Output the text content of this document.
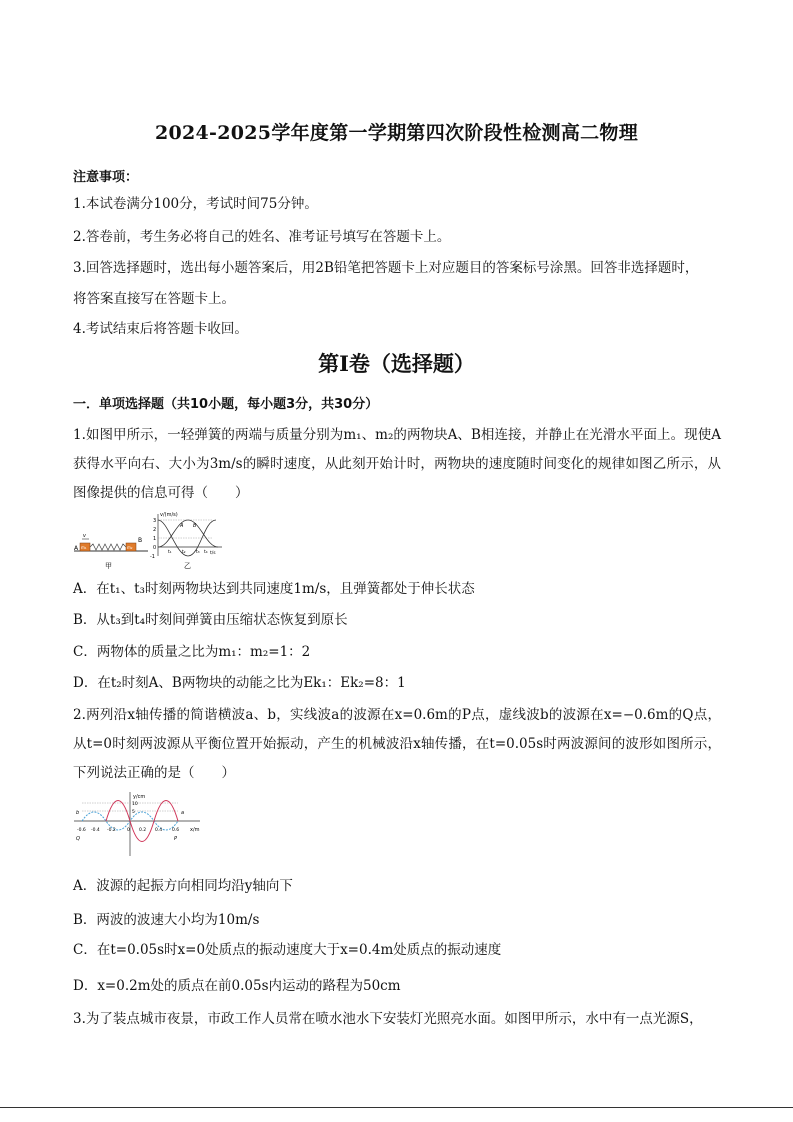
2024-2025学年度第一学期第四次阶段性检测高二物理
注意事项：
1.本试卷满分100分，考试时间75分钟。
2.答卷前，考生务必将自己的姓名、准考证号填写在答题卡上。
3.回答选择题时，选出每小题答案后，用2B铅笔把答题卡上对应题目的答案标号涂黑。回答非选择题时，
将答案直接写在答题卡上。
4.考试结束后将答题卡收回。
第Ⅰ卷（选择题）
一．单项选择题（共10小题，每小题3分，共30分）
1.如图甲所示，一轻弹簧的两端与质量分别为m₁、m₂的两物块A、B相连接，并静止在光滑水平面上。现使A获得水平向右、大小为3m/s的瞬时速度，从此刻开始计时，两物块的速度随时间变化的规律如图乙所示，从图像提供的信息可得（　　）
A
B
v
m₁	m₂
甲
v/(m/s)
t/s
3
2
1
0
-1
A B
t₁ t₂ t₃ t₄
乙
A．在t₁、t₃时刻两物块达到共同速度1m/s，且弹簧都处于伸长状态
B．从t₃到t₄时刻间弹簧由压缩状态恢复到原长
C．两物体的质量之比为m₁：m₂=1：2
D．在t₂时刻A、B两物块的动能之比为Ek₁：Ek₂=8：1
2.两列沿x轴传播的简谐横波a、b，实线波a的波源在x=0.6m的P点，虚线波b的波源在x=−0.6m的Q点，从t=0时刻两波源从平衡位置开始振动，产生的机械波沿x轴传播，在t=0.05s时两波源间的波形如图所示，下列说法正确的是（　　）
y/cm
x/m
10
5
-0.6 -0.4 -0.2 0 0.2 0.4 0.6
Q	P
a
b
A．波源的起振方向相同均沿y轴向下
B．两波的波速大小均为10m/s
C．在t=0.05s时x=0处质点的振动速度大于x=0.4m处质点的振动速度
D．x=0.2m处的质点在前0.05s内运动的路程为50cm
3.为了装点城市夜景，市政工作人员常在喷水池水下安装灯光照亮水面。如图甲所示，水中有一点光源S，
